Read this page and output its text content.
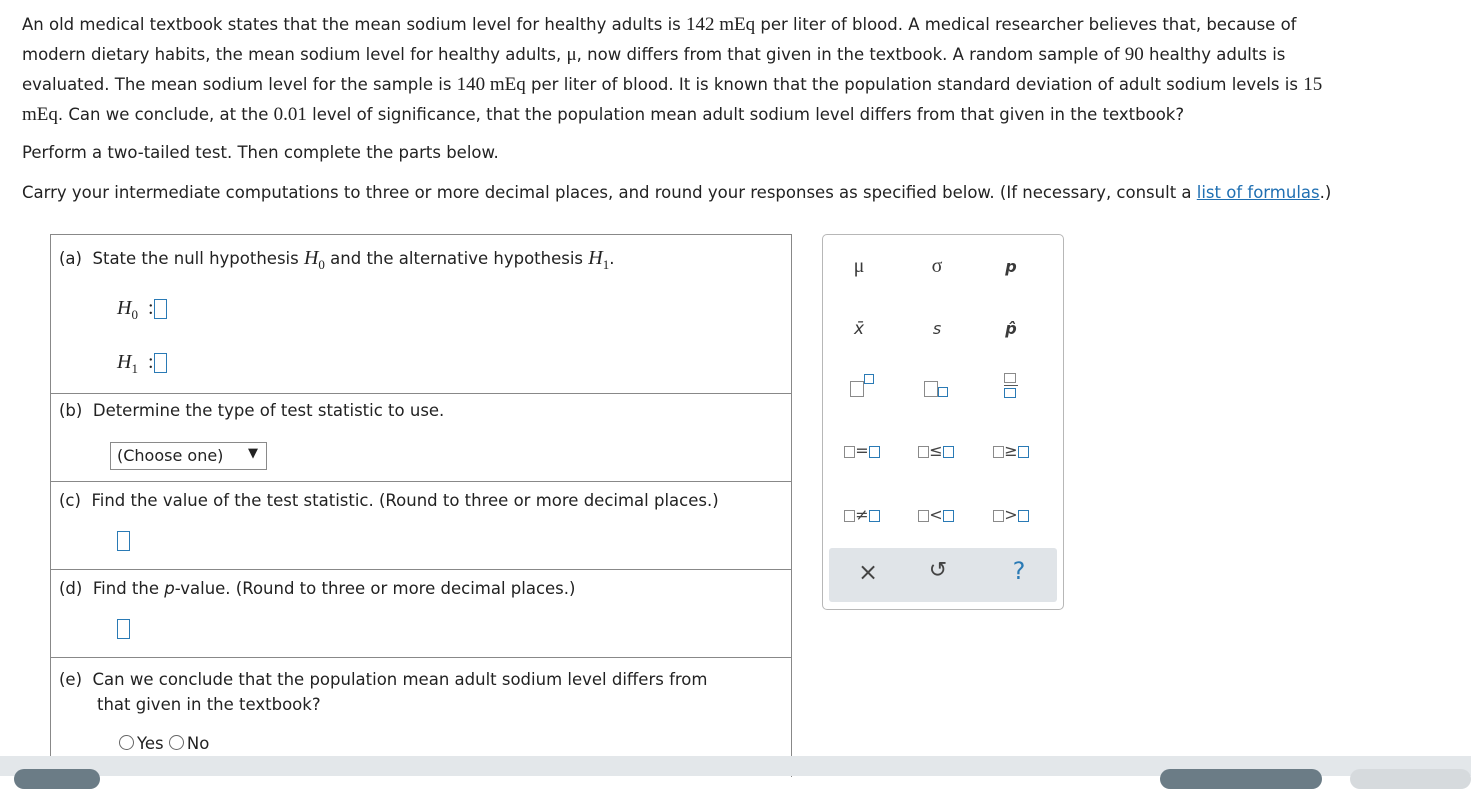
An old medical textbook states that the mean sodium level for healthy adults is 142 mEq per liter of blood. A medical researcher believes that, because of

modern dietary habits, the mean sodium level for healthy adults, μ, now differs from that given in the textbook. A random sample of 90 healthy adults is

evaluated. The mean sodium level for the sample is 140 mEq per liter of blood. It is known that the population standard deviation of adult sodium levels is 15

mEq. Can we conclude, at the 0.01 level of significance, that the population mean adult sodium level differs from that given in the textbook?

Perform a two-tailed test. Then complete the parts below.
Carry your intermediate computations to three or more decimal places, and round your responses as specified below. (If necessary, consult a list of formulas.)
(a) State the null hypothesis $H_0$ and the alternative hypothesis $H_1$.
$H_0$ :
$H_1$ :
(b) Determine the type of test statistic to use.
(Choose one) ▼
(c) Find the value of the test statistic. (Round to three or more decimal places.)
(d) Find the p-value. (Round to three or more decimal places.)
(e) Can we conclude that the population mean adult sodium level differs from
that given in the textbook?
Yes No
μ	σ	p
x̄	s	p̂
=	≤	≥
≠	<	>
×	↺	?
